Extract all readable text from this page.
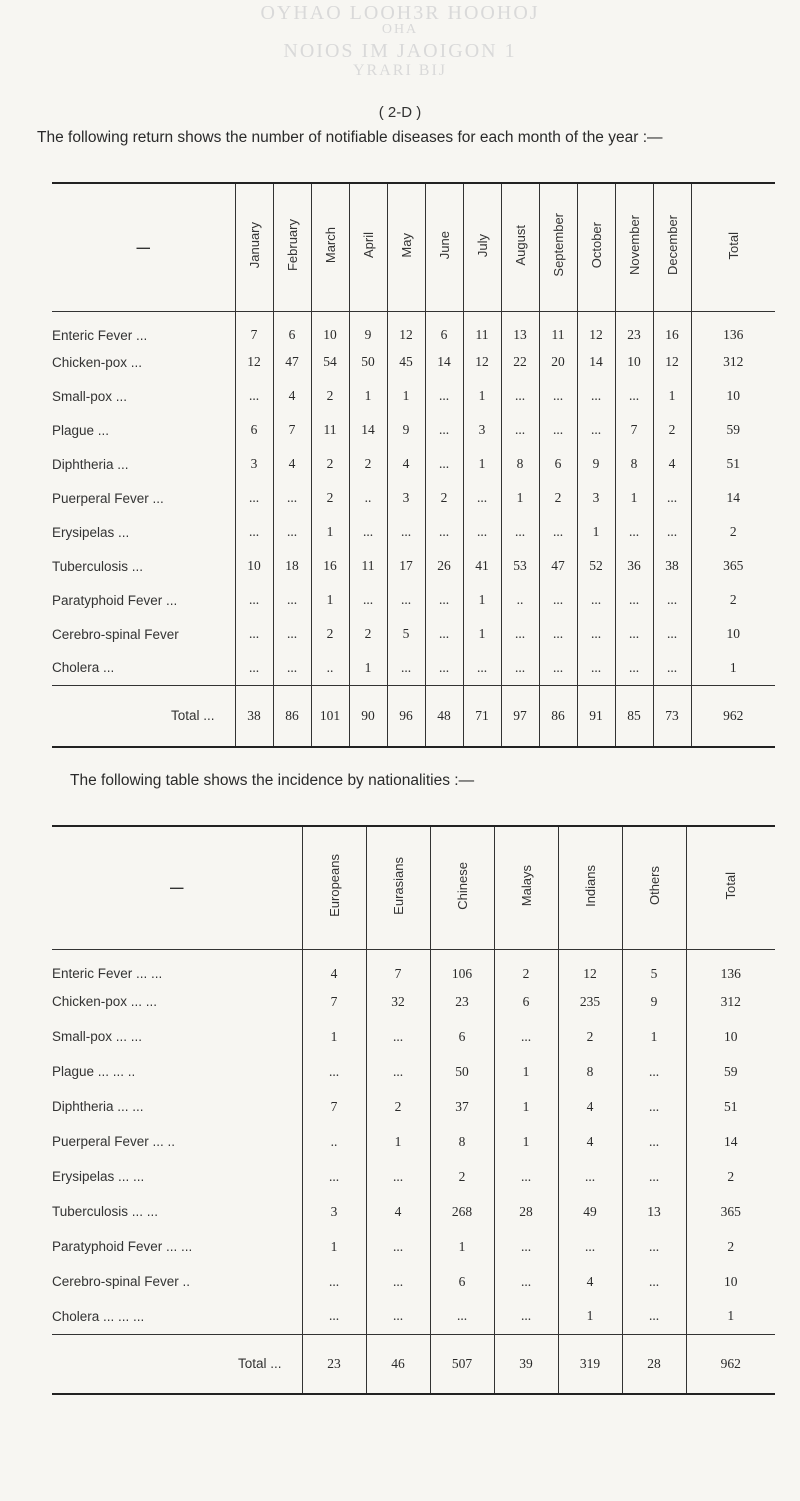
OYHAO LOOH3R HOOHOJ
OHA
NOIOS IM JAOIGON 1
YRARI BIJ
( 2-D )
The following return shows the number of notifiable diseases for each month of the year :—
—	January	February	March	April	May	June	July	August	September	October	November	December	Total
Enteric Fever ...	7	6	10	9	12	6	11	13	11	12	23	16	136
Chicken-pox ...	12	47	54	50	45	14	12	22	20	14	10	12	312
Small-pox ...	...	4	2	1	1	...	1	...	...	...	...	1	10
Plague ...	6	7	11	14	9	...	3	...	...	...	7	2	59
Diphtheria ...	3	4	2	2	4	...	1	8	6	9	8	4	51
Puerperal Fever ...	...	...	2	..	3	2	...	1	2	3	1	...	14
Erysipelas ...	...	...	1	...	...	...	...	...	...	1	...	...	2
Tuberculosis ...	10	18	16	11	17	26	41	53	47	52	36	38	365
Paratyphoid Fever ...	...	...	1	...	...	...	1	..	...	...	...	...	2
Cerebro-spinal Fever	...	...	2	2	5	...	1	...	...	...	...	...	10
Cholera ...	...	...	..	1	...	...	...	...	...	...	...	...	1
Total ...	38	86	101	90	96	48	71	97	86	91	85	73	962
The following table shows the incidence by nationalities :—
—	Europeans	Eurasians	Chinese	Malays	Indians	Others	Total
Enteric Fever ... ...	4	7	106	2	12	5	136
Chicken-pox ... ...	7	32	23	6	235	9	312
Small-pox ... ...	1	...	6	...	2	1	10
Plague ... ... ..	...	...	50	1	8	...	59
Diphtheria ... ...	7	2	37	1	4	...	51
Puerperal Fever ... ..	..	1	8	1	4	...	14
Erysipelas ... ...	...	...	2	...	...	...	2
Tuberculosis ... ...	3	4	268	28	49	13	365
Paratyphoid Fever ... ...	1	...	1	...	...	...	2
Cerebro-spinal Fever ..	...	...	6	...	4	...	10
Cholera ... ... ...	...	...	...	...	1	...	1
Total ...	23	46	507	39	319	28	962
